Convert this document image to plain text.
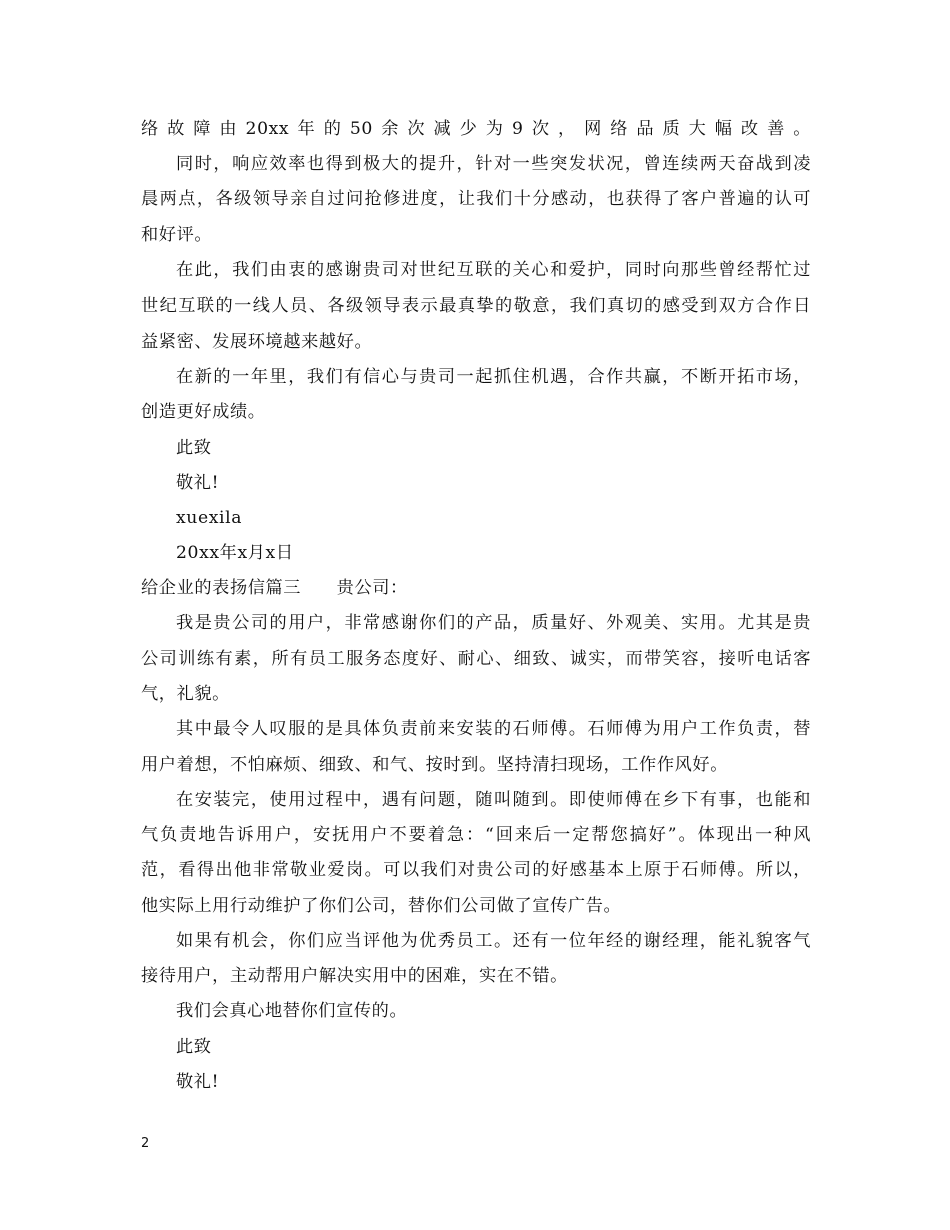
络故障由20xx年的50余次减少为9次，网络品质大幅改善。
同时，响应效率也得到极大的提升，针对一些突发状况，曾连续两天奋战到凌
晨两点，各级领导亲自过问抢修进度，让我们十分感动，也获得了客户普遍的认可
和好评。
在此，我们由衷的感谢贵司对世纪互联的关心和爱护，同时向那些曾经帮忙过
世纪互联的一线人员、各级领导表示最真挚的敬意，我们真切的感受到双方合作日
益紧密、发展环境越来越好。
在新的一年里，我们有信心与贵司一起抓住机遇，合作共赢，不断开拓市场，
创造更好成绩。
此致
敬礼!
xuexila
20xx年x月x日
给企业的表扬信篇三　　贵公司：
我是贵公司的用户，非常感谢你们的产品，质量好、外观美、实用。尤其是贵
公司训练有素，所有员工服务态度好、耐心、细致、诚实，而带笑容，接听电话客
气，礼貌。
其中最令人叹服的是具体负责前来安装的石师傅。石师傅为用户工作负责，替
用户着想，不怕麻烦、细致、和气、按时到。坚持清扫现场，工作作风好。
在安装完，使用过程中，遇有问题，随叫随到。即使师傅在乡下有事，也能和
气负责地告诉用户，安抚用户不要着急：“回来后一定帮您搞好”。体现出一种风
范，看得出他非常敬业爱岗。可以我们对贵公司的好感基本上原于石师傅。所以，
他实际上用行动维护了你们公司，替你们公司做了宣传广告。
如果有机会，你们应当评他为优秀员工。还有一位年经的谢经理，能礼貌客气
接待用户，主动帮用户解决实用中的困难，实在不错。
我们会真心地替你们宣传的。
此致
敬礼!
2
